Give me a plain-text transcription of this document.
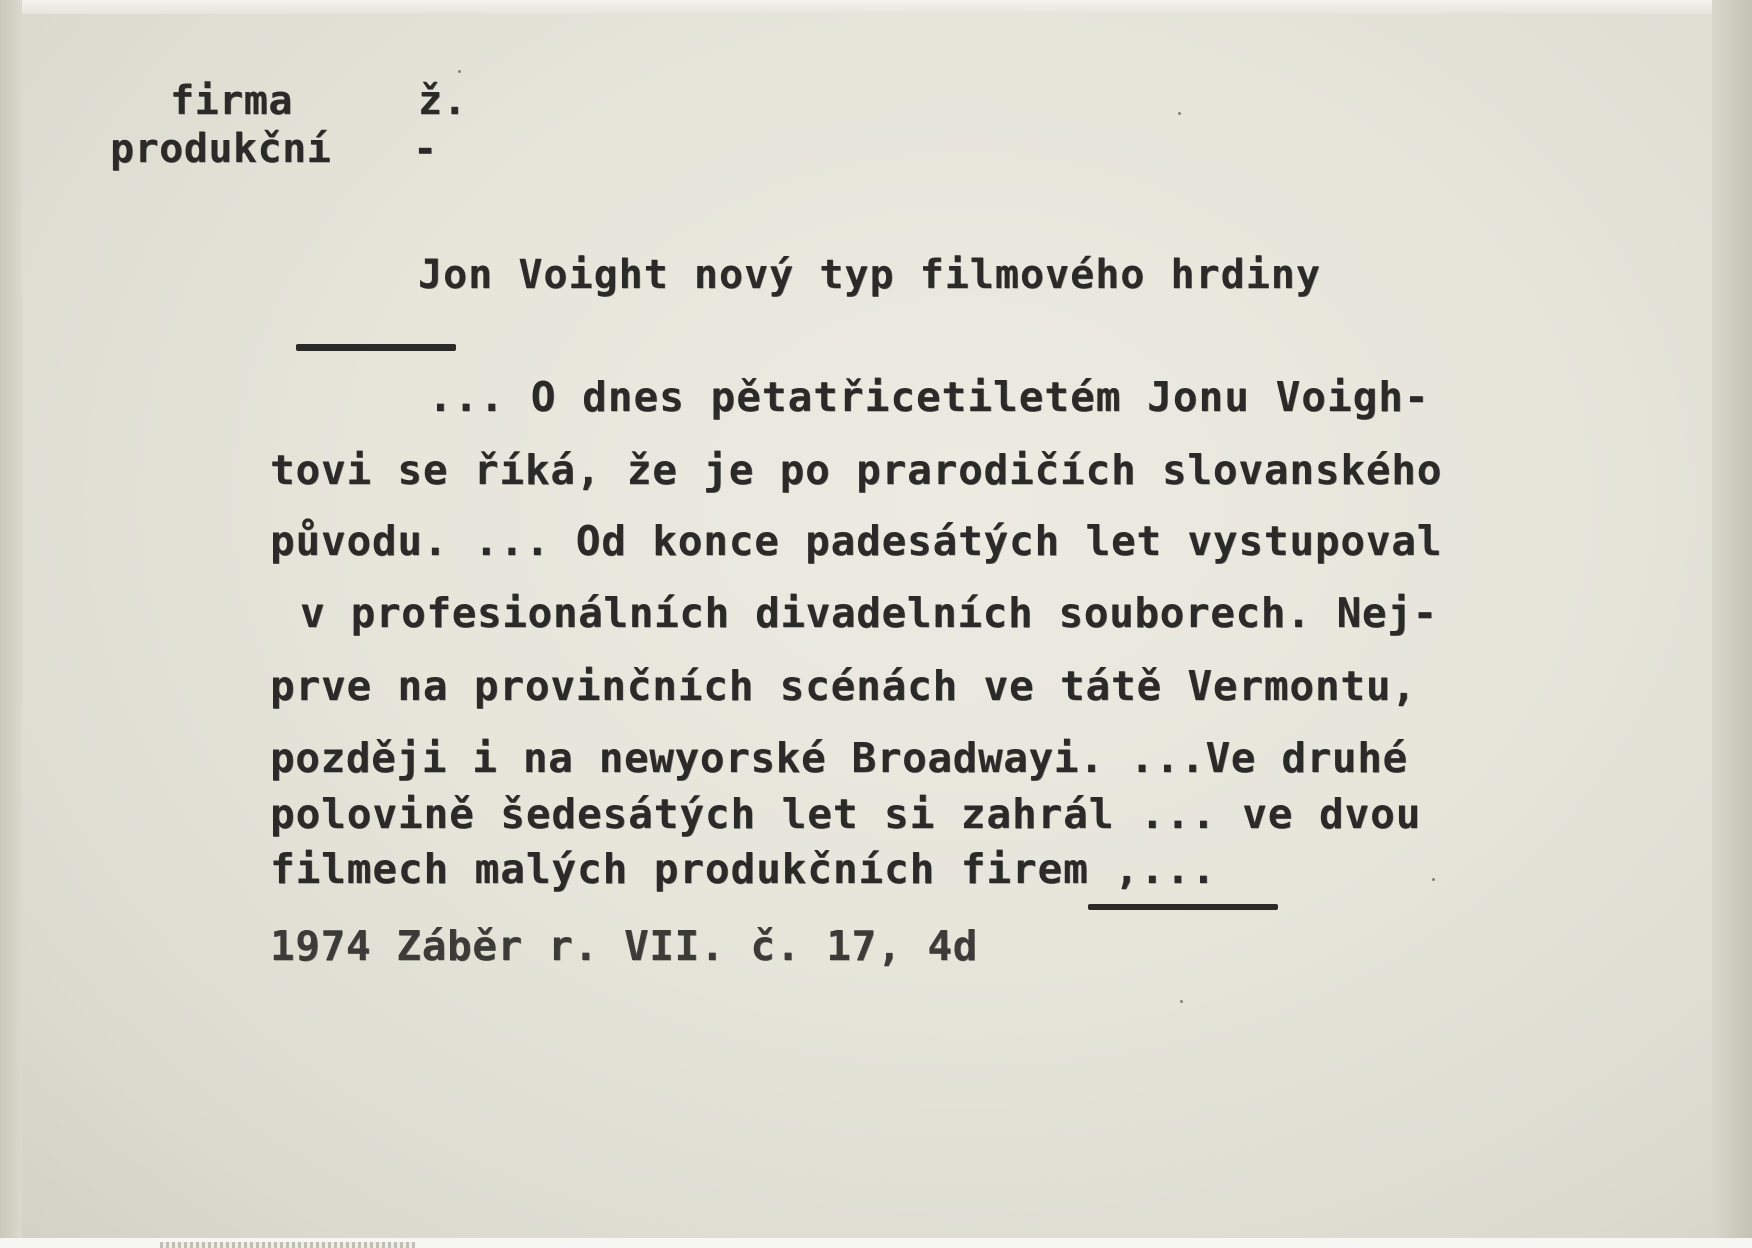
firma	ž.
produkční -
Jon Voight nový typ filmového hrdiny
... O dnes pětatřicetiletém Jonu Voigh-
tovi se říká, že je po prarodičích slovanského
původu. ... Od konce padesátých let vystupoval
v profesionálních divadelních souborech. Nej-
prve na provinčních scénách ve tátě Vermontu,
později i na newyorské Broadwayi. ...Ve druhé
polovině šedesátých let si zahrál ... ve dvou
filmech malých produkčních firem ,...
1974 Záběr r. VII. č. 17, 4d
